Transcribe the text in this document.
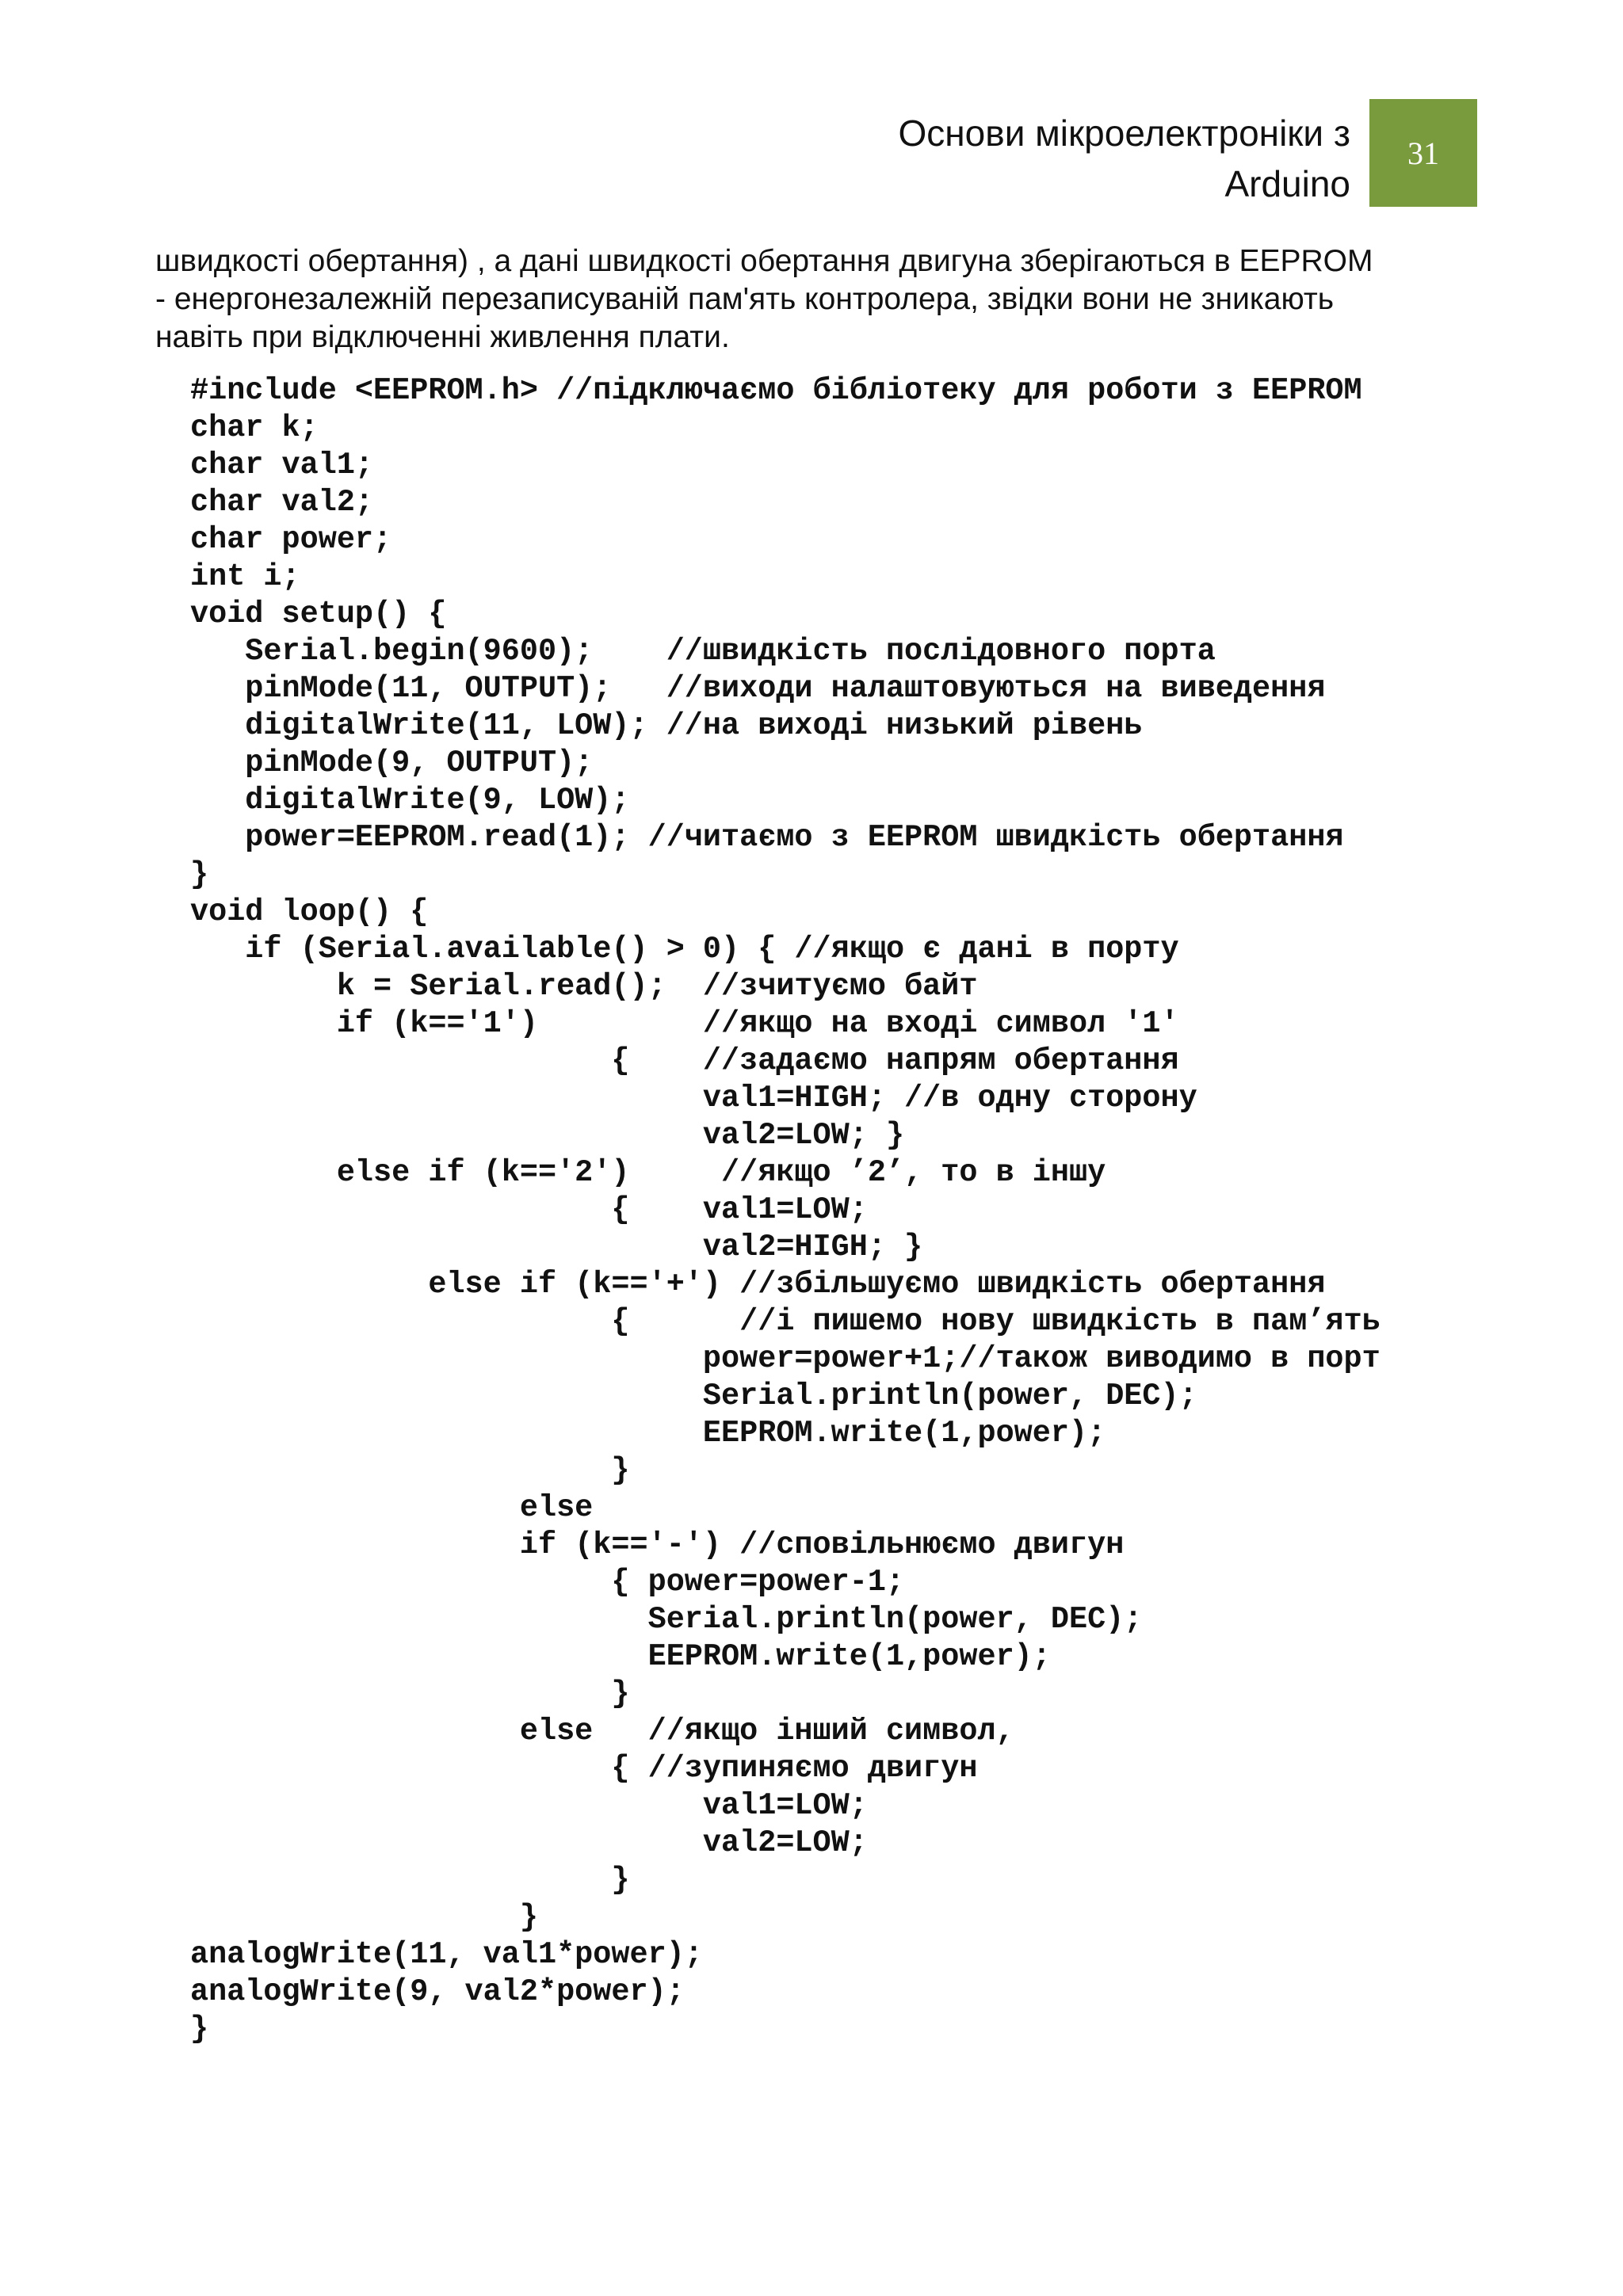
Основи мікроелектроніки з
Arduino
31
швидкості обертання) , а дані швидкості обертання двигуна зберігаються в EEPROM
- енергонезалежній перезаписуваній пам'ять контролера, звідки вони не зникають
навіть при відключенні живлення плати.
#include <EEPROM.h> //підключаємо бібліотеку для роботи з EEPROM
char k;
char val1;
char val2;
char power;
int i;
void setup() {
Serial.begin(9600);    //швидкість послідовного порта
pinMode(11, OUTPUT);   //виходи налаштовуються на виведення
digitalWrite(11, LOW); //на виході низький рівень
pinMode(9, OUTPUT);
digitalWrite(9, LOW);
power=EEPROM.read(1); //читаємо з EEPROM швидкість обертання
}
void loop() {
if (Serial.available() > 0) { //якщо є дані в порту
k = Serial.read();  //зчитуємо байт
if (k=='1')         //якщо на вході символ '1'
{    //задаємо напрям обертання
val1=HIGH; //в одну сторону
val2=LOW; }
else if (k=='2')     //якщо ’2’, то в іншу
{    val1=LOW;
val2=HIGH; }
else if (k=='+') //збільшуємо швидкість обертання
{      //і пишемо нову швидкість в пам’ять
power=power+1;//також виводимо в порт
Serial.println(power, DEC);
EEPROM.write(1,power);
}
else
if (k=='-') //сповільнюємо двигун
{ power=power-1;
Serial.println(power, DEC);
EEPROM.write(1,power);
}
else   //якщо інший символ,
{ //зупиняємо двигун
val1=LOW;
val2=LOW;
}
}
analogWrite(11, val1*power);
analogWrite(9, val2*power);
}
